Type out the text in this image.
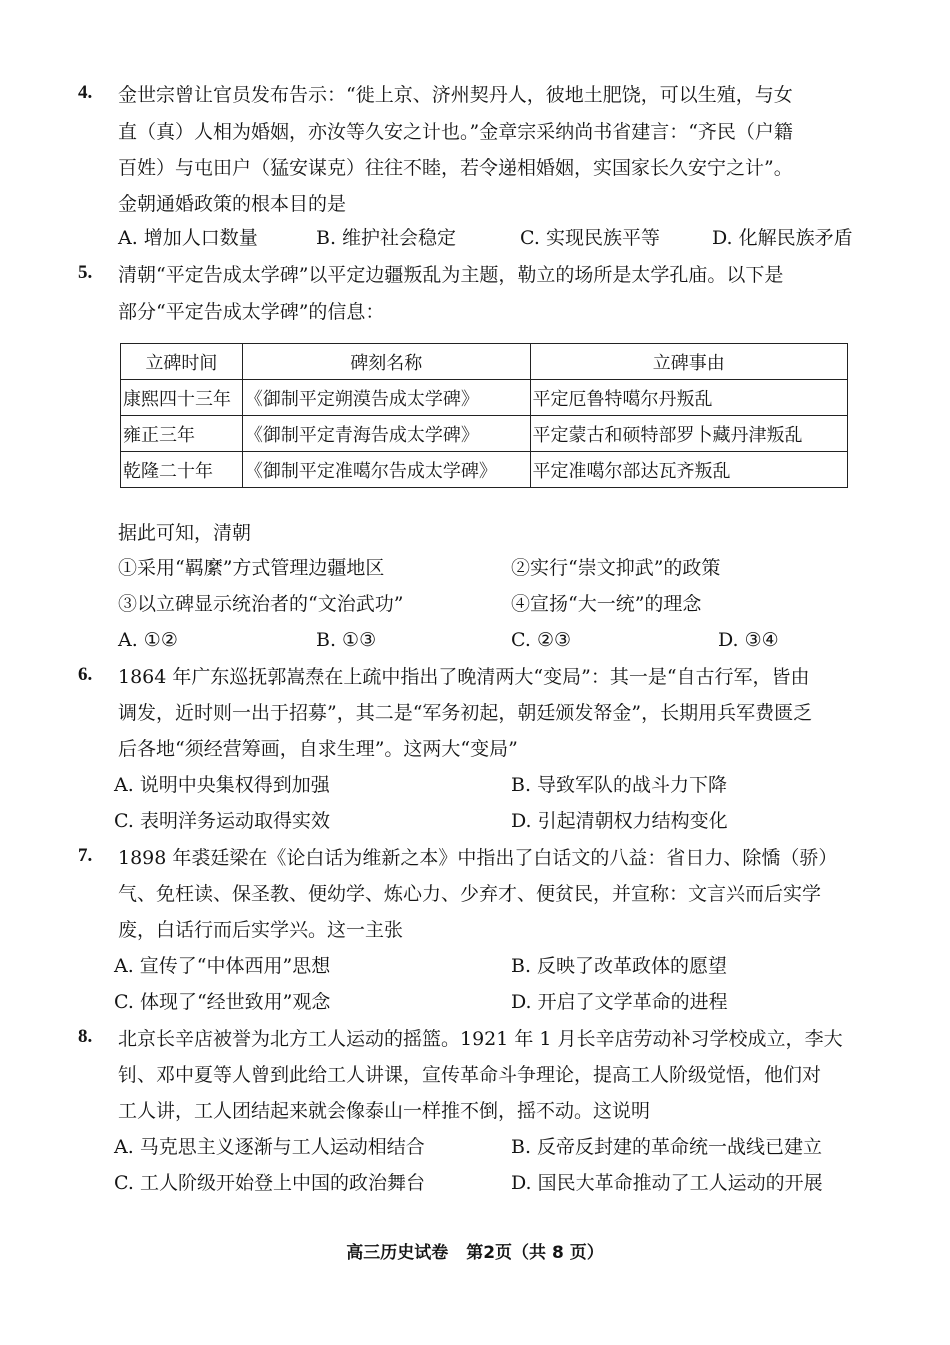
4. 金世宗曾让官员发布告示：“徙上京、济州契丹人，彼地土肥饶，可以生殖，与女
直（真）人相为婚姻，亦汝等久安之计也。”金章宗采纳尚书省建言：“齐民（户籍
百姓）与屯田户（猛安谋克）往往不睦，若令递相婚姻，实国家长久安宁之计”。
金朝通婚政策的根本目的是
A. 增加人口数量	B. 维护社会稳定	C. 实现民族平等	D. 化解民族矛盾
5. 清朝“平定告成太学碑”以平定边疆叛乱为主题，勒立的场所是太学孔庙。以下是
部分“平定告成太学碑”的信息：
立碑时间	碑刻名称	立碑事由
康熙四十三年	《御制平定朔漠告成太学碑》	平定厄鲁特噶尔丹叛乱
雍正三年	《御制平定青海告成太学碑》	平定蒙古和硕特部罗卜藏丹津叛乱
乾隆二十年	《御制平定准噶尔告成太学碑》	平定准噶尔部达瓦齐叛乱
据此可知，清朝
①采用“羁縻”方式管理边疆地区	②实行“崇文抑武”的政策
③以立碑显示统治者的“文治武功”	④宣扬“大一统”的理念
A. ①②	B. ①③	C. ②③	D. ③④
6. 1864 年广东巡抚郭嵩焘在上疏中指出了晚清两大“变局”：其一是“自古行军，皆由
调发，近时则一出于招募”，其二是“军务初起，朝廷颁发帑金”，长期用兵军费匮乏
后各地“须经营筹画，自求生理”。这两大“变局”
A. 说明中央集权得到加强	B. 导致军队的战斗力下降
C. 表明洋务运动取得实效	D. 引起清朝权力结构变化
7. 1898 年裘廷梁在《论白话为维新之本》中指出了白话文的八益：省日力、除憍（骄）
气、免枉读、保圣教、便幼学、炼心力、少弃才、便贫民，并宣称：文言兴而后实学
废，白话行而后实学兴。这一主张
A. 宣传了“中体西用”思想	B. 反映了改革政体的愿望
C. 体现了“经世致用”观念	D. 开启了文学革命的进程
8. 北京长辛店被誉为北方工人运动的摇篮。1921 年 1 月长辛店劳动补习学校成立，李大
钊、邓中夏等人曾到此给工人讲课，宣传革命斗争理论，提高工人阶级觉悟，他们对
工人讲，工人团结起来就会像泰山一样推不倒，摇不动。这说明
A. 马克思主义逐渐与工人运动相结合	B. 反帝反封建的革命统一战线已建立
C. 工人阶级开始登上中国的政治舞台	D. 国民大革命推动了工人运动的开展
高三历史试卷 第2页（共 8 页）
